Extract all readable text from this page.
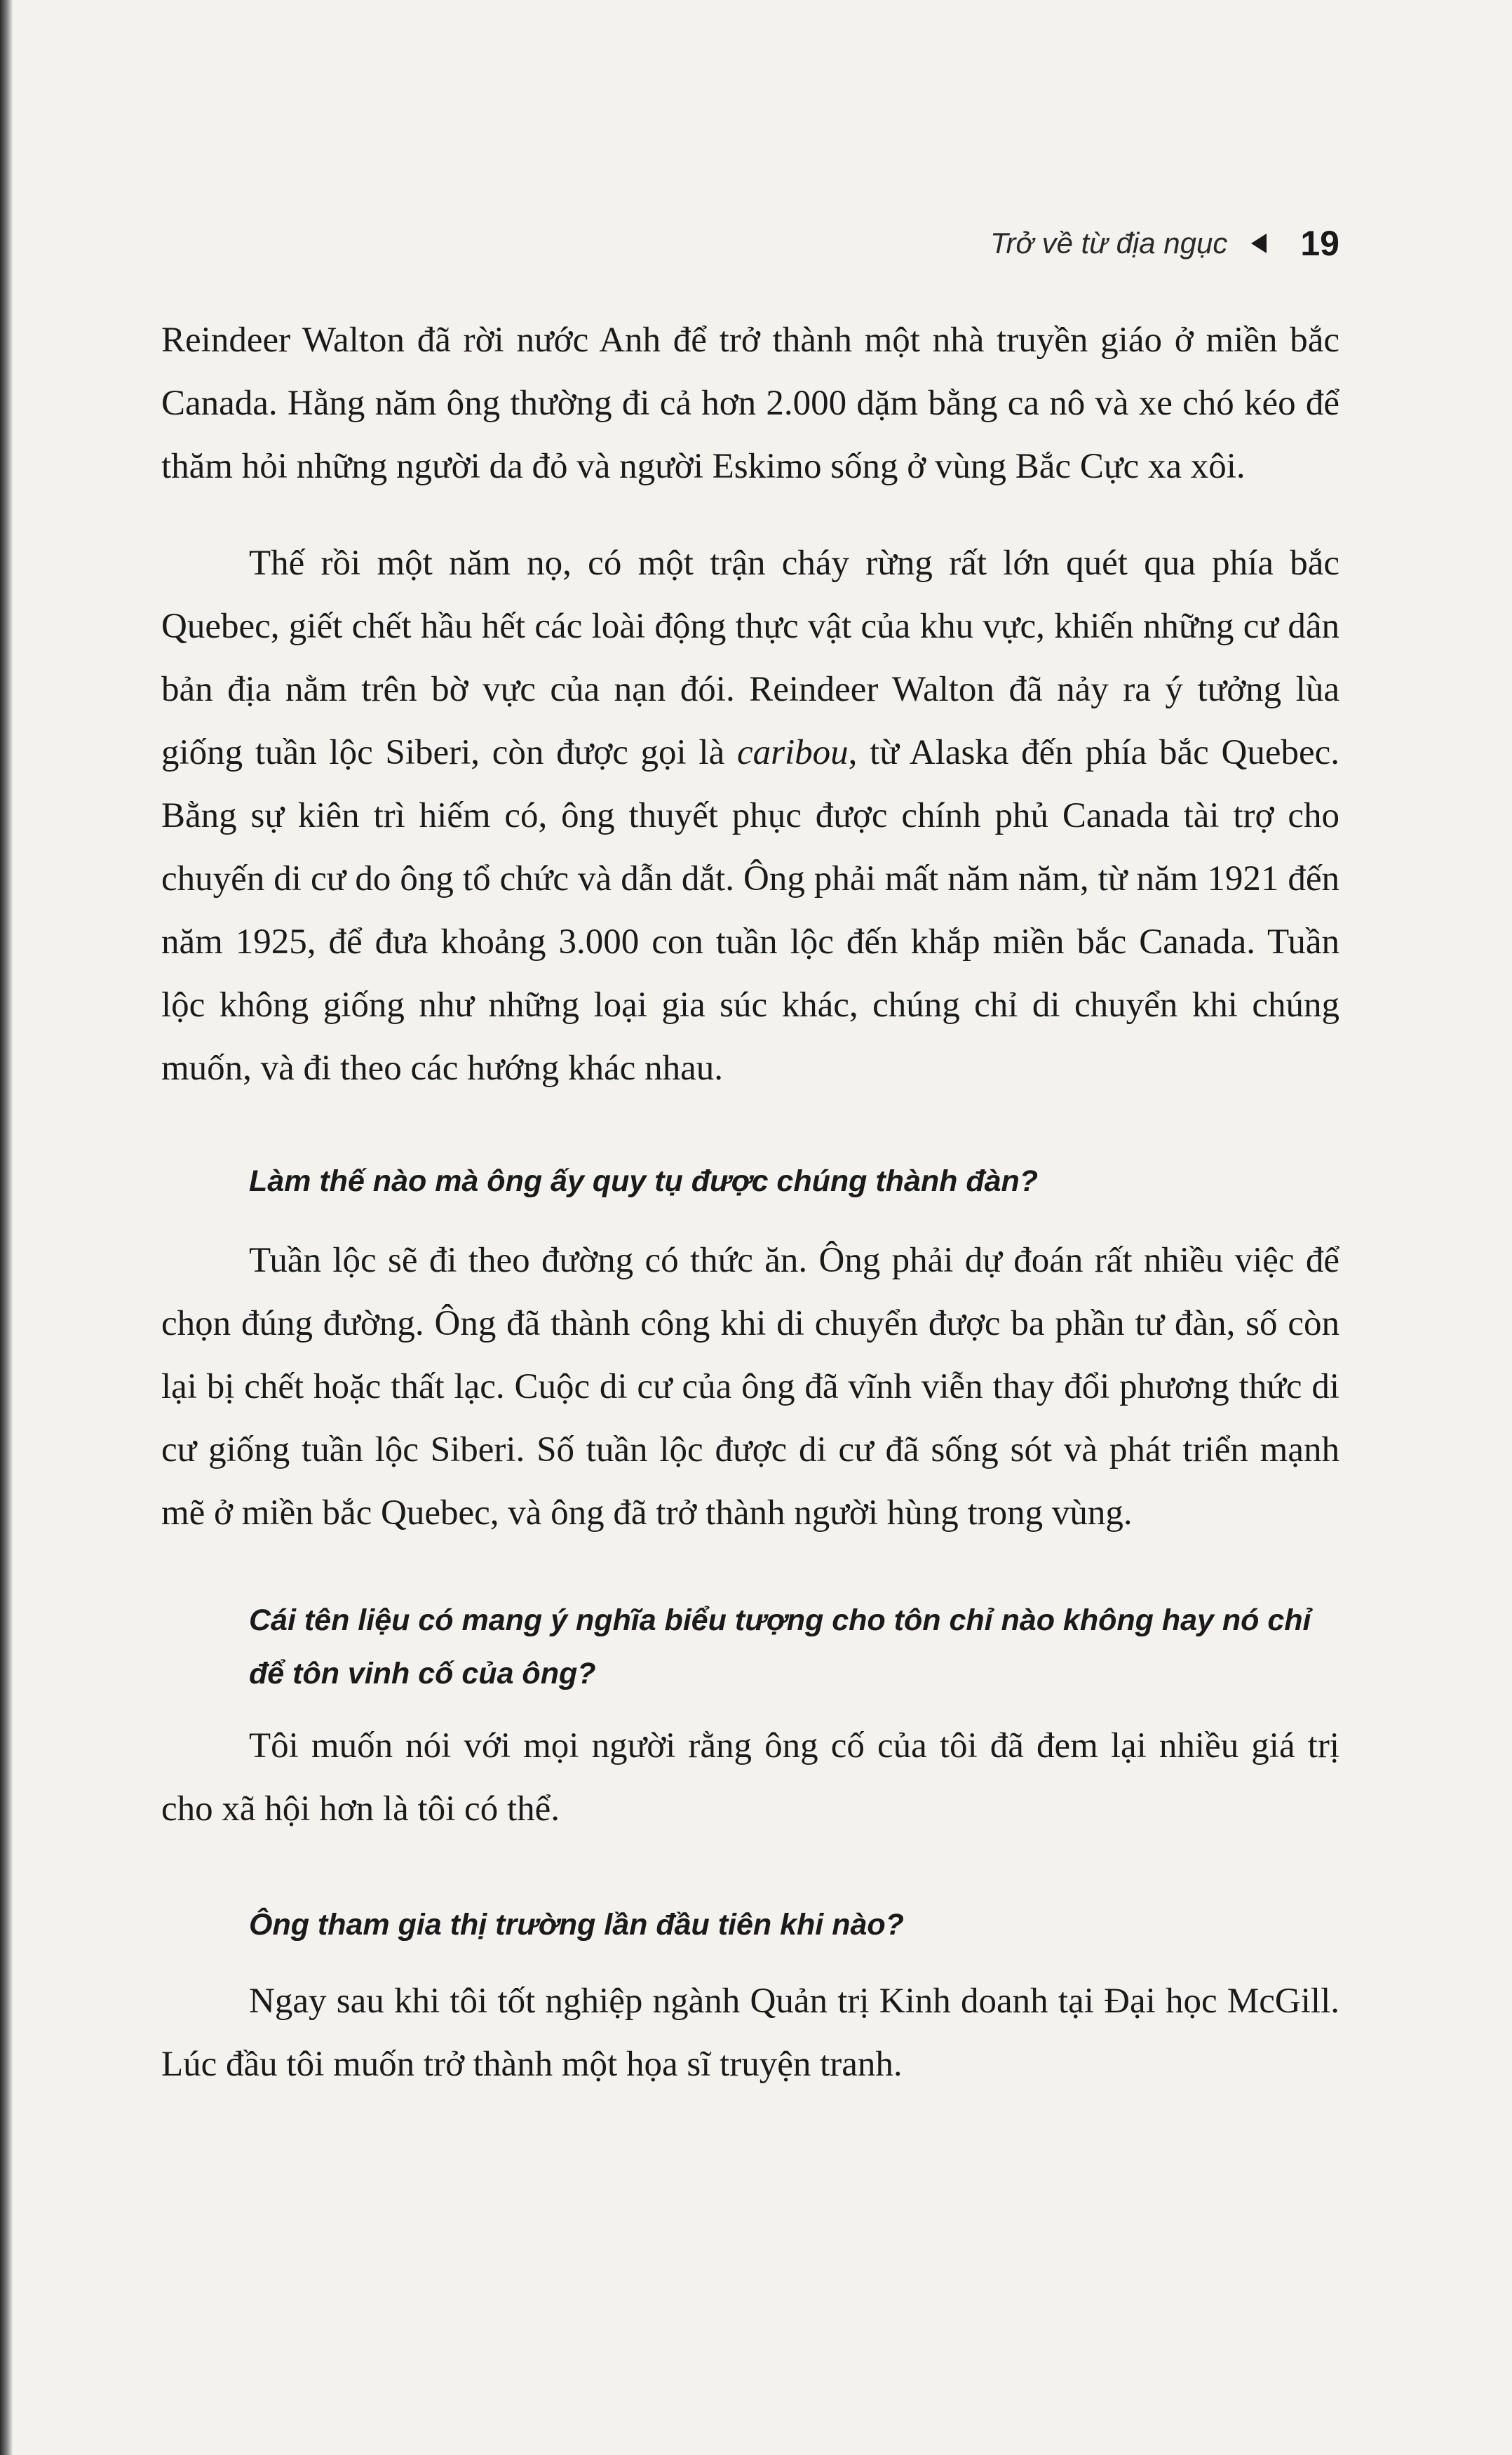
Trở về từ địa ngục 19

Reindeer Walton đã rời nước Anh để trở thành một nhà truyền giáo ở miền bắc Canada. Hằng năm ông thường đi cả hơn 2.000 dặm bằng ca nô và xe chó kéo để thăm hỏi những người da đỏ và người Eskimo sống ở vùng Bắc Cực xa xôi.

Thế rồi một năm nọ, có một trận cháy rừng rất lớn quét qua phía bắc Quebec, giết chết hầu hết các loài động thực vật của khu vực, khiến những cư dân bản địa nằm trên bờ vực của nạn đói. Reindeer Walton đã nảy ra ý tưởng lùa giống tuần lộc Siberi, còn được gọi là caribou, từ Alaska đến phía bắc Quebec. Bằng sự kiên trì hiếm có, ông thuyết phục được chính phủ Canada tài trợ cho chuyến di cư do ông tổ chức và dẫn dắt. Ông phải mất năm năm, từ năm 1921 đến năm 1925, để đưa khoảng 3.000 con tuần lộc đến khắp miền bắc Canada. Tuần lộc không giống như những loại gia súc khác, chúng chỉ di chuyển khi chúng muốn, và đi theo các hướng khác nhau.

Làm thế nào mà ông ấy quy tụ được chúng thành đàn?

Tuần lộc sẽ đi theo đường có thức ăn. Ông phải dự đoán rất nhiều việc để chọn đúng đường. Ông đã thành công khi di chuyển được ba phần tư đàn, số còn lại bị chết hoặc thất lạc. Cuộc di cư của ông đã vĩnh viễn thay đổi phương thức di cư giống tuần lộc Siberi. Số tuần lộc được di cư đã sống sót và phát triển mạnh mẽ ở miền bắc Quebec, và ông đã trở thành người hùng trong vùng.

Cái tên liệu có mang ý nghĩa biểu tượng cho tôn chỉ nào không hay nó chỉ để tôn vinh cố của ông?

Tôi muốn nói với mọi người rằng ông cố của tôi đã đem lại nhiều giá trị cho xã hội hơn là tôi có thể.

Ông tham gia thị trường lần đầu tiên khi nào?

Ngay sau khi tôi tốt nghiệp ngành Quản trị Kinh doanh tại Đại học McGill. Lúc đầu tôi muốn trở thành một họa sĩ truyện tranh.
